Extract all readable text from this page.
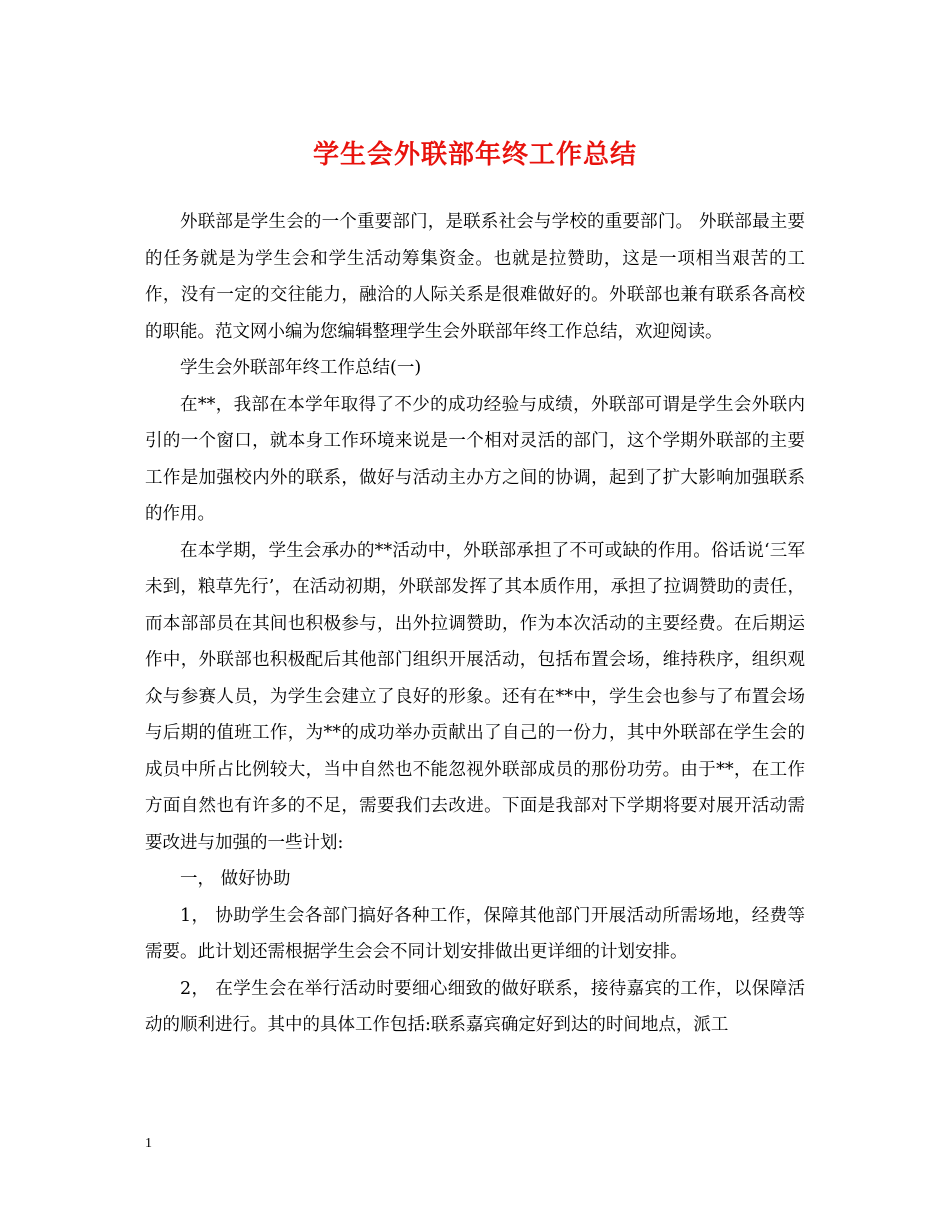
学生会外联部年终工作总结

外联部是学生会的一个重要部门，是联系社会与学校的重要部门。 外联部最主要的任务就是为学生会和学生活动筹集资金。也就是拉赞助，这是一项相当艰苦的工作，没有一定的交往能力，融洽的人际关系是很难做好的。外联部也兼有联系各高校的职能。范文网小编为您编辑整理学生会外联部年终工作总结，欢迎阅读。

学生会外联部年终工作总结(一)

在**，我部在本学年取得了不少的成功经验与成绩，外联部可谓是学生会外联内引的一个窗口，就本身工作环境来说是一个相对灵活的部门，这个学期外联部的主要工作是加强校内外的联系，做好与活动主办方之间的协调，起到了扩大影响加强联系的作用。

在本学期，学生会承办的**活动中，外联部承担了不可或缺的作用。俗话说‘三军未到，粮草先行’，在活动初期，外联部发挥了其本质作用，承担了拉调赞助的责任，而本部部员在其间也积极参与，出外拉调赞助，作为本次活动的主要经费。在后期运作中，外联部也积极配后其他部门组织开展活动，包括布置会场，维持秩序，组织观众与参赛人员，为学生会建立了良好的形象。还有在**中，学生会也参与了布置会场与后期的值班工作，为**的成功举办贡献出了自己的一份力，其中外联部在学生会的成员中所占比例较大，当中自然也不能忽视外联部成员的那份功劳。由于**，在工作方面自然也有许多的不足，需要我们去改进。下面是我部对下学期将要对展开活动需要改进与加强的一些计划:

一， 做好协助

1， 协助学生会各部门搞好各种工作，保障其他部门开展活动所需场地，经费等需要。此计划还需根据学生会会不同计划安排做出更详细的计划安排。

2， 在学生会在举行活动时要细心细致的做好联系，接待嘉宾的工作，以保障活动的顺利进行。其中的具体工作包括:联系嘉宾确定好到达的时间地点，派工

1
